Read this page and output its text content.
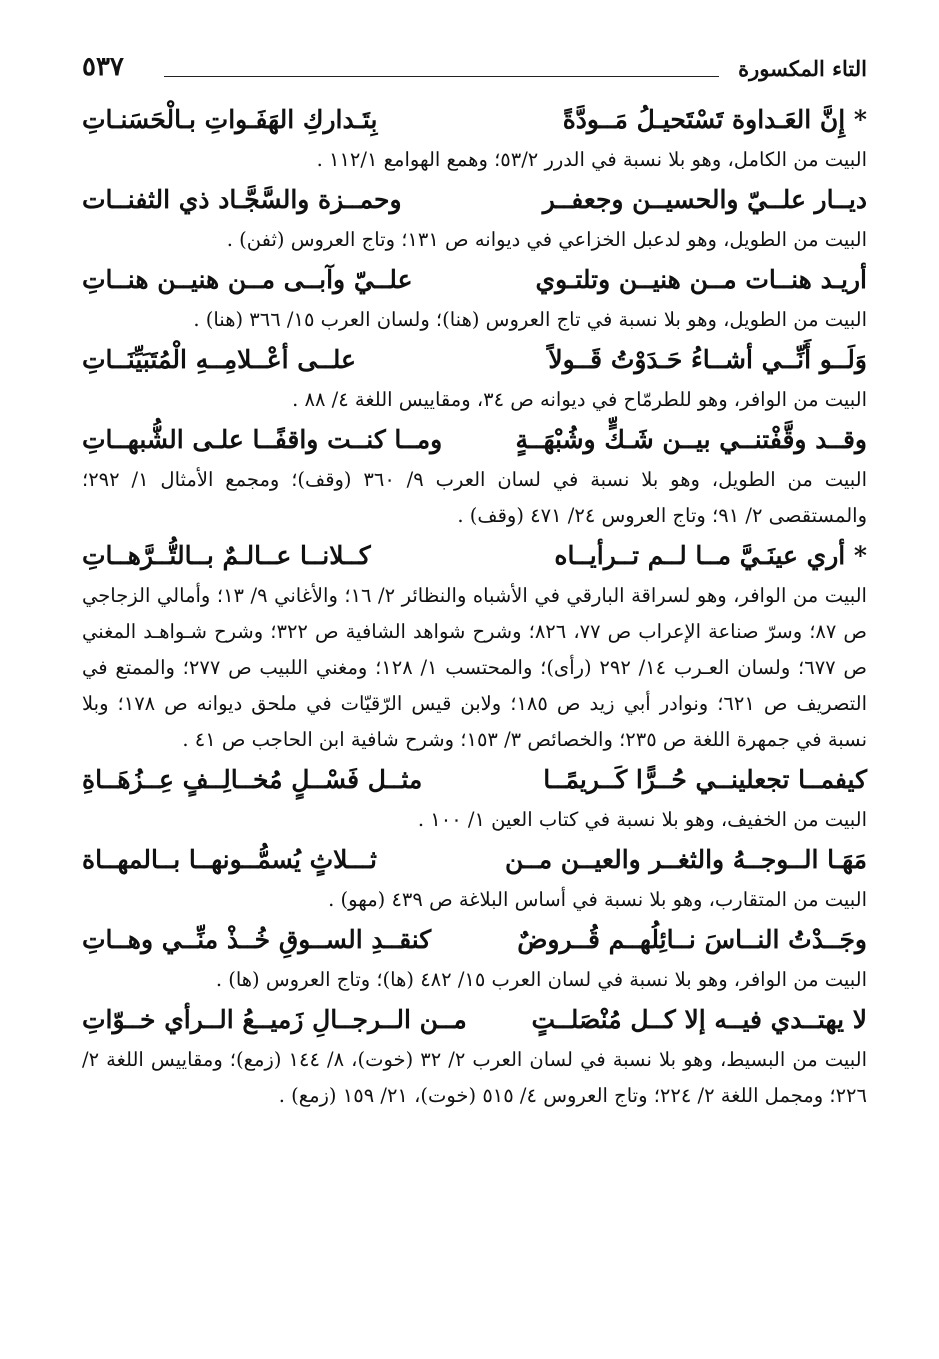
التاء المكسورة
٥٣٧
* إِنَّ العَـداوة تَسْتَحيـلُ مَــودَّةً
بِتَـداركِ الهَفَـواتِ بـالْحَسَنـاتِ

البيت من الكامل، وهو بلا نسبة في الدرر ٥٣/٢؛ وهمع الهوامع ١١٢/١ .

ديــار علــيّ والحسيــن وجعفــر
وحمــزة والسَّجَّـاد ذي الثفنــات

البيت من الطويل، وهو لدعبل الخزاعي في ديوانه ص ١٣١؛ وتاج العروس (ثفن) .

أريـد هنــات مــن هنيــن وتلتـوي
علــيّ وآبــى مــن هنيــن هنــاتِ

البيت من الطويل، وهو بلا نسبة في تاج العروس (هنا)؛ ولسان العرب ١٥/ ٣٦٦ (هنا) .

وَلَــو أَنِّــي أشــاءُ حَـدَوْتُ قَــولاً
علــى أعْــلامِــهِ الْمُتَبَيِّنَــاتِ

البيت من الوافر، وهو للطرمّاح في ديوانه ص ٣٤، ومقاييس اللغة ٤/ ٨٨ .

وقــد وقَّفْتنــي بيــن شَـكٍّ وشُبْهَــةٍ
ومــا كنــت واقفًــا علـى الشُّبهــاتِ

البيت من الطويل، وهو بلا نسبة في لسان العرب ٩/ ٣٦٠ (وقف)؛ ومجمع الأمثال ١/ ٢٩٢؛ والمستقصى ٢/ ٩١؛ وتاج العروس ٢٤/ ٤٧١ (وقف) .

* أري عينَـيَّ مــا لــم تــرأيــاه
كــلانــا عــالـمٌ بــالتُّــرَّهــاتِ

البيت من الوافر، وهو لسراقة البارقي في الأشباه والنظائر ٢/ ١٦؛ والأغاني ٩/ ١٣؛ وأمالي الزجاجي ص ٨٧؛ وسرّ صناعة الإعراب ص ٧٧، ٨٢٦؛ وشرح شواهد الشافية ص ٣٢٢؛ وشرح شـواهـد المغني ص ٦٧٧؛ ولسان العـرب ١٤/ ٢٩٢ (رأى)؛ والمحتسب ١/ ١٢٨؛ ومغني اللبيب ص ٢٧٧؛ والممتع في التصريف ص ٦٢١؛ ونوادر أبي زيد ص ١٨٥؛ ولابن قيس الرّقيّات في ملحق ديوانه ص ١٧٨؛ وبلا نسبة في جمهرة اللغة ص ٢٣٥؛ والخصائص ٣/ ١٥٣؛ وشرح شافية ابن الحاجب ص ٤١ .

كيفمــا تجعلينــي حُــرًّا كَــريمًــا
مثــل فَسْــلٍ مُخــالِــفٍ عِــزُهَــاةِ

البيت من الخفيف، وهو بلا نسبة في كتاب العين ١/ ١٠٠ .

مَهَـا الــوجــهُ والثغــر والعيــن مــن
ثـــلاثٍ يُسمُّــونهــا بــالمهــاة

البيت من المتقارب، وهو بلا نسبة في أساس البلاغة ص ٤٣٩ (مهو) .

وجَــدْتُ النــاسَ نــائِلُهــم قُــروضٌ
كنقــدِ الســوقِ خُــذْ منِّــي وهــاتِ

البيت من الوافر، وهو بلا نسبة في لسان العرب ١٥/ ٤٨٢ (ها)؛ وتاج العروس (ها) .

لا يهتــدي فيــه إلا كــل مُنْصَلــتٍ
مــن الــرجــالِ زَميــعُ الــرأي خــوّاتِ

البيت من البسيط، وهو بلا نسبة في لسان العرب ٢/ ٣٢ (خوت)، ٨/ ١٤٤ (زمع)؛ ومقاييس اللغة ٢/ ٢٢٦؛ ومجمل اللغة ٢/ ٢٢٤؛ وتاج العروس ٤/ ٥١٥ (خوت)، ٢١/ ١٥٩ (زمع) .
